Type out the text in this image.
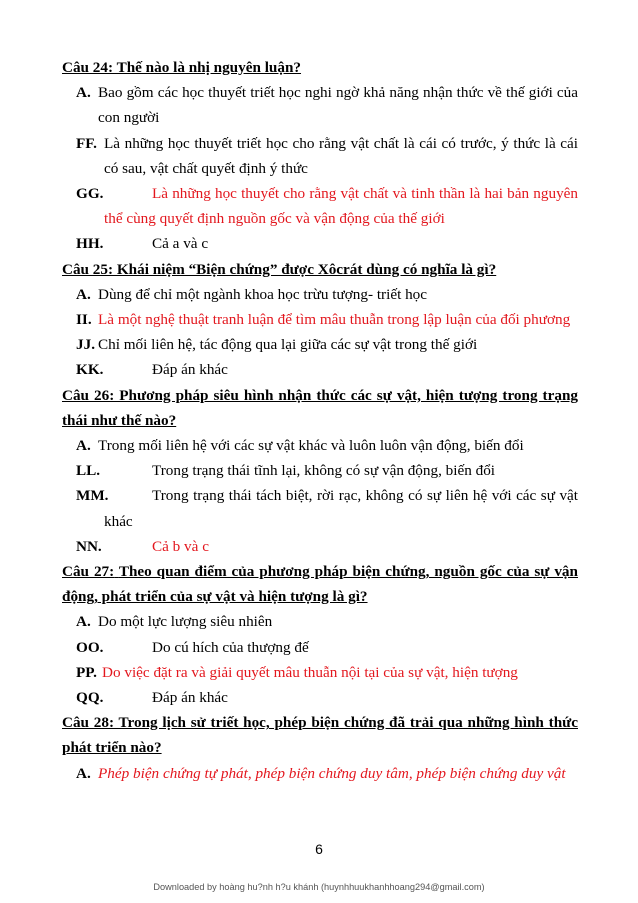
Câu 24: Thế nào là nhị nguyên luận?
A. Bao gồm các học thuyết triết học nghi ngờ khả năng nhận thức về thế giới của con người
FF. Là những học thuyết triết học cho rằng vật chất là cái có trước, ý thức là cái có sau, vật chất quyết định ý thức
GG.	Là những học thuyết cho rằng vật chất và tinh thần là hai bản nguyên thể cùng quyết định nguồn gốc và vận động của thế giới
HH.	Cả a và c
Câu 25: Khái niệm “Biện chứng” được Xôcrát dùng có nghĩa là gì?
A. Dùng để chỉ một ngành khoa học trừu tượng- triết học
II. Là một nghệ thuật tranh luận để tìm mâu thuẫn trong lập luận của đối phương
JJ. Chỉ mối liên hệ, tác động qua lại giữa các sự vật trong thế giới
KK.	Đáp án khác
Câu 26: Phương pháp siêu hình nhận thức các sự vật, hiện tượng trong trạng thái như thế nào?
A. Trong mối liên hệ với các sự vật khác và luôn luôn vận động, biến đổi
LL.	Trong trạng thái tĩnh lại, không có sự vận động, biến đổi
MM.	Trong trạng thái tách biệt, rời rạc, không có sự liên hệ với các sự vật khác
NN.	Cả b và c
Câu 27: Theo quan điểm của phương pháp biện chứng, nguồn gốc của sự vận động, phát triển của sự vật và hiện tượng là gì?
A. Do một lực lượng siêu nhiên
OO.	Do cú hích của thượng đế
PP. Do việc đặt ra và giải quyết mâu thuẫn nội tại của sự vật, hiện tượng
QQ.	Đáp án khác
Câu 28: Trong lịch sử triết học, phép biện chứng đã trải qua những hình thức phát triển nào?
A. Phép biện chứng tự phát, phép biện chứng duy tâm, phép biện chứng duy vật
6
Downloaded by hoàng hu?nh h?u khánh (huynhhuukhanhhoang294@gmail.com)
